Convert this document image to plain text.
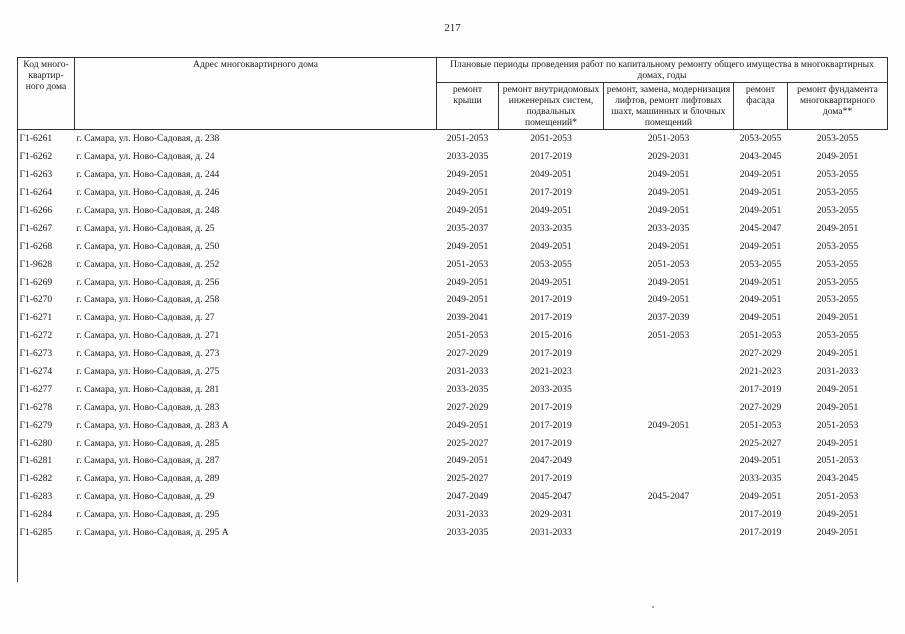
217
Код много-квартир-ного дома	Адрес многоквартирного дома	Плановые периоды проведения работ по капитальному ремонту общего имущества в многоквартирных домах, годы				
		ремонт крыши	ремонт внутридомовых инженерных систем, подвальных помещений*	ремонт, замена, модернизация лифтов, ремонт лифтовых шахт, машинных и блочных помещений	ремонт фасада	ремонт фундамента многоквартирного дома**
Г1-6261	г. Самара, ул. Ново-Садовая, д. 238	2051-2053	2051-2053	2051-2053	2053-2055	2053-2055
Г1-6262	г. Самара, ул. Ново-Садовая, д. 24	2033-2035	2017-2019	2029-2031	2043-2045	2049-2051
Г1-6263	г. Самара, ул. Ново-Садовая, д. 244	2049-2051	2049-2051	2049-2051	2049-2051	2053-2055
Г1-6264	г. Самара, ул. Ново-Садовая, д. 246	2049-2051	2017-2019	2049-2051	2049-2051	2053-2055
Г1-6266	г. Самара, ул. Ново-Садовая, д. 248	2049-2051	2049-2051	2049-2051	2049-2051	2053-2055
Г1-6267	г. Самара, ул. Ново-Садовая, д. 25	2035-2037	2033-2035	2033-2035	2045-2047	2049-2051
Г1-6268	г. Самара, ул. Ново-Садовая, д. 250	2049-2051	2049-2051	2049-2051	2049-2051	2053-2055
Г1-9628	г. Самара, ул. Ново-Садовая, д. 252	2051-2053	2053-2055	2051-2053	2053-2055	2053-2055
Г1-6269	г. Самара, ул. Ново-Садовая, д. 256	2049-2051	2049-2051	2049-2051	2049-2051	2053-2055
Г1-6270	г. Самара, ул. Ново-Садовая, д. 258	2049-2051	2017-2019	2049-2051	2049-2051	2053-2055
Г1-6271	г. Самара, ул. Ново-Садовая, д. 27	2039-2041	2017-2019	2037-2039	2049-2051	2049-2051
Г1-6272	г. Самара, ул. Ново-Садовая, д. 271	2051-2053	2015-2016	2051-2053	2051-2053	2053-2055
Г1-6273	г. Самара, ул. Ново-Садовая, д. 273	2027-2029	2017-2019		2027-2029	2049-2051
Г1-6274	г. Самара, ул. Ново-Садовая, д. 275	2031-2033	2021-2023		2021-2023	2031-2033
Г1-6277	г. Самара, ул. Ново-Садовая, д. 281	2033-2035	2033-2035		2017-2019	2049-2051
Г1-6278	г. Самара, ул. Ново-Садовая, д. 283	2027-2029	2017-2019		2027-2029	2049-2051
Г1-6279	г. Самара, ул. Ново-Садовая, д. 283 А	2049-2051	2017-2019	2049-2051	2051-2053	2051-2053
Г1-6280	г. Самара, ул. Ново-Садовая, д. 285	2025-2027	2017-2019		2025-2027	2049-2051
Г1-6281	г. Самара, ул. Ново-Садовая, д. 287	2049-2051	2047-2049		2049-2051	2051-2053
Г1-6282	г. Самара, ул. Ново-Садовая, д. 289	2025-2027	2017-2019		2033-2035	2043-2045
Г1-6283	г. Самара, ул. Ново-Садовая, д. 29	2047-2049	2045-2047	2045-2047	2049-2051	2051-2053
Г1-6284	г. Самара, ул. Ново-Садовая, д. 295	2031-2033	2029-2031		2017-2019	2049-2051
Г1-6285	г. Самара, ул. Ново-Садовая, д. 295 А	2033-2035	2031-2033		2017-2019	2049-2051
